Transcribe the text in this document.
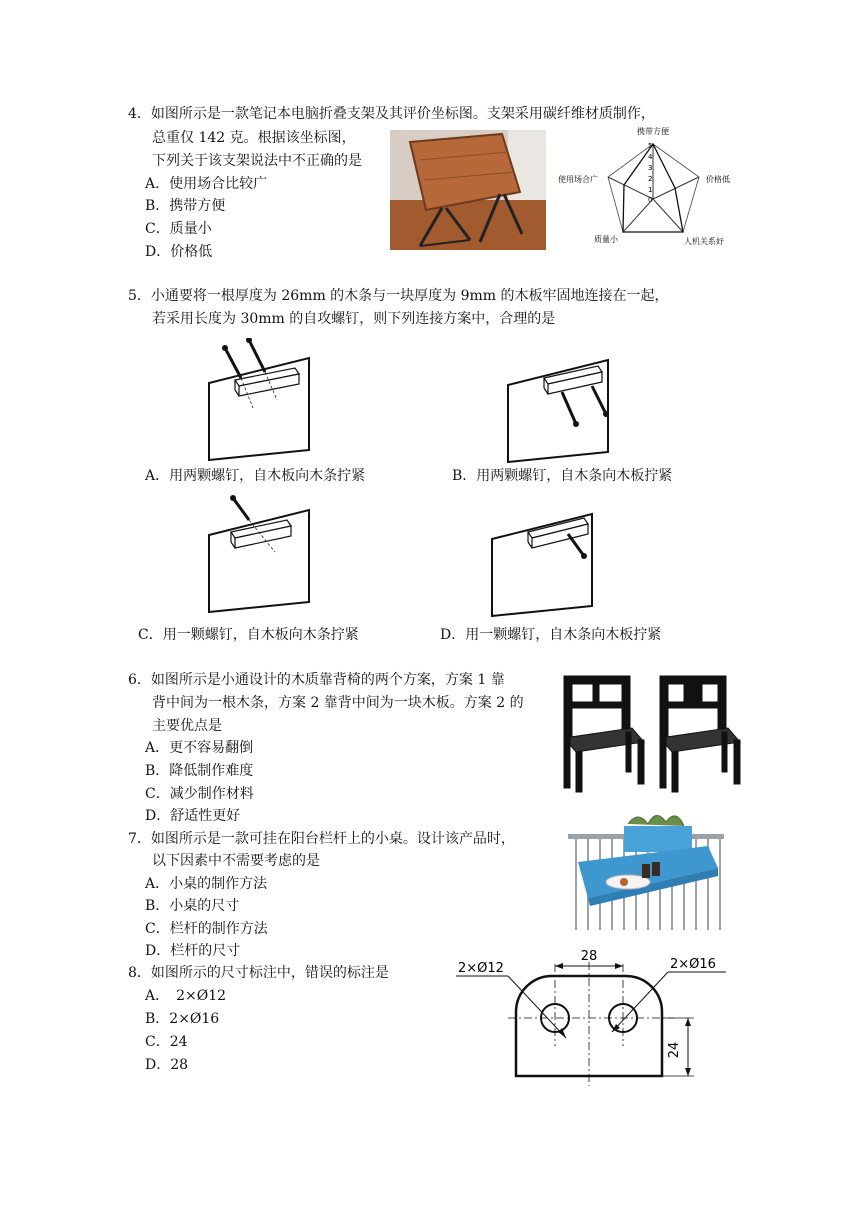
4．如图所示是一款笔记本电脑折叠支架及其评价坐标图。支架采用碳纤维材质制作，
总重仅 142 克。根据该坐标图，
下列关于该支架说法中不正确的是
A．使用场合比较广
B．携带方便
C．质量小
D．价格低
携带方便
价格低
人机关系好
质量小
使用场合广
5
4
3
2
1
0
5．小通要将一根厚度为 26mm 的木条与一块厚度为 9mm 的木板牢固地连接在一起，
若采用长度为 30mm 的自攻螺钉，则下列连接方案中，合理的是
A．用两颗螺钉，自木板向木条拧紧	B．用两颗螺钉，自木条向木板拧紧
C．用一颗螺钉，自木板向木条拧紧	D．用一颗螺钉，自木条向木板拧紧
6．如图所示是小通设计的木质靠背椅的两个方案，方案 1 靠
背中间为一根木条，方案 2 靠背中间为一块木板。方案 2 的
主要优点是
A．更不容易翻倒
B．降低制作难度
C．减少制作材料
D．舒适性更好
7．如图所示是一款可挂在阳台栏杆上的小桌。设计该产品时，
以下因素中不需要考虑的是
A．小桌的制作方法
B．小桌的尺寸
C．栏杆的制作方法
D．栏杆的尺寸
8．如图所示的尺寸标注中，错误的标注是
A．　2×Ø12
B．2×Ø16
C．24
D．28
28
24
2×Ø12	2×Ø16
